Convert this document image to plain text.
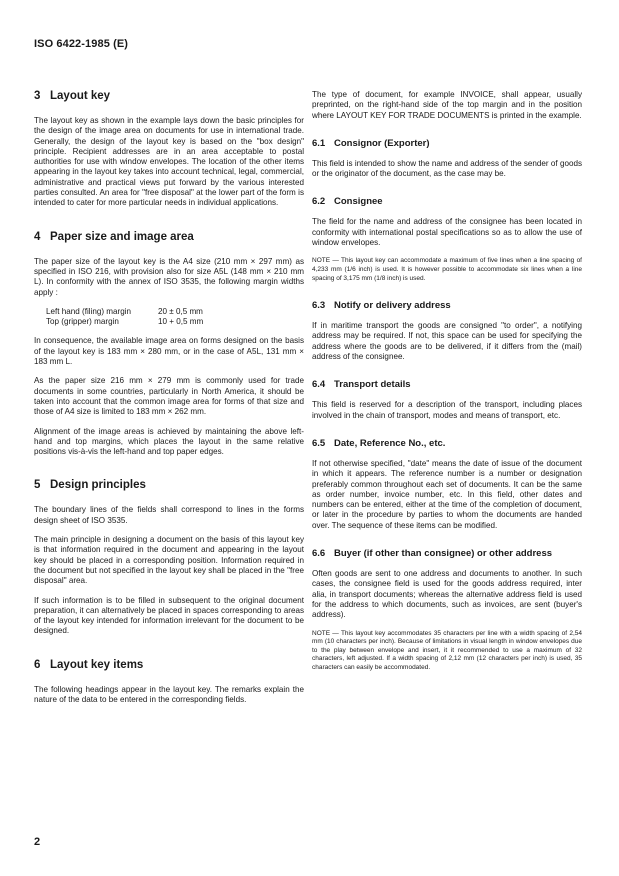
ISO 6422-1985 (E)
3 Layout key

The layout key as shown in the example lays down the basic principles for the design of the image area on documents for use in international trade. Generally, the design of the layout key is based on the "box design" principle. Recipient addresses are in an area acceptable to postal authorities for use with window envelopes. The location of the other items appearing in the layout key takes into account technical, legal, commercial, administrative and practical views put forward by the various interested parties consulted. An area for "free disposal" at the lower part of the form is intended to cater for more particular needs in individual applications.

4 Paper size and image area

The paper size of the layout key is the A4 size (210 mm × 297 mm) as specified in ISO 216, with provision also for size A5L (148 mm × 210 mm L). In conformity with the annex of ISO 3535, the following margin widths apply :

Left hand (filing) margin	20 ± 0,5 mm
Top (gripper) margin	10 + 0,5 mm

In consequence, the available image area on forms designed on the basis of the layout key is 183 mm × 280 mm, or in the case of A5L, 131 mm × 183 mm L.

As the paper size 216 mm × 279 mm is commonly used for trade documents in some countries, particularly in North America, it should be taken into account that the common image area for forms of that size and those of A4 size is limited to 183 mm × 262 mm.

Alignment of the image areas is achieved by maintaining the above left-hand and top margins, which places the layout in the same relative positions vis-à-vis the left-hand and top paper edges.

5 Design principles

The boundary lines of the fields shall correspond to lines in the forms design sheet of ISO 3535.

The main principle in designing a document on the basis of this layout key is that information required in the document and appearing in the layout key should be placed in a corresponding position. Information required in the document but not specified in the layout key shall be placed in the "free disposal" area.

If such information is to be filled in subsequent to the original document preparation, it can alternatively be placed in spaces corresponding to areas of the layout key intended for information irrelevant for the document to be designed.

6 Layout key items

The following headings appear in the layout key. The remarks explain the nature of the data to be entered in the corresponding fields.

The type of document, for example INVOICE, shall appear, usually preprinted, on the right-hand side of the top margin and in the position where LAYOUT KEY FOR TRADE DOCUMENTS is printed in the example.

6.1 Consignor (Exporter)

This field is intended to show the name and address of the sender of goods or the originator of the document, as the case may be.

6.2 Consignee

The field for the name and address of the consignee has been located in conformity with international postal specifications so as to allow the use of window envelopes.

NOTE — This layout key can accommodate a maximum of five lines when a line spacing of 4,233 mm (1/6 inch) is used. It is however possible to accommodate six lines when a line spacing of 3,175 mm (1/8 inch) is used.
6.3 Notify or delivery address

If in maritime transport the goods are consigned "to order", a notifying address may be required. If not, this space can be used for specifying the address where the goods are to be delivered, if it differs from the (mail) address of the consignee.

6.4 Transport details

This field is reserved for a description of the transport, including places involved in the chain of transport, modes and means of transport, etc.

6.5 Date, Reference No., etc.

If not otherwise specified, "date" means the date of issue of the document in which it appears. The reference number is a number or designation preferably common throughout each set of documents. It can be the same as order number, invoice number, etc. In this field, other dates and numbers can be entered, either at the time of the completion of document, or later in the procedure by parties to whom the documents are handed over. The sequence of these items can be modified.

6.6 Buyer (if other than consignee) or other address

Often goods are sent to one address and documents to another. In such cases, the consignee field is used for the goods address required, inter alia, in transport documents; whereas the alternative address field is used for the address to which documents, such as invoices, are sent (buyer's address).

NOTE — This layout key accommodates 35 characters per line with a width spacing of 2,54 mm (10 characters per inch). Because of limitations in visual length in window envelopes due to the play between envelope and insert, it it recommended to use a maximum of 32 characters, left adjusted. If a width spacing of 2,12 mm (12 characters per inch) is used, 35 characters can easily be accommodated.
2
